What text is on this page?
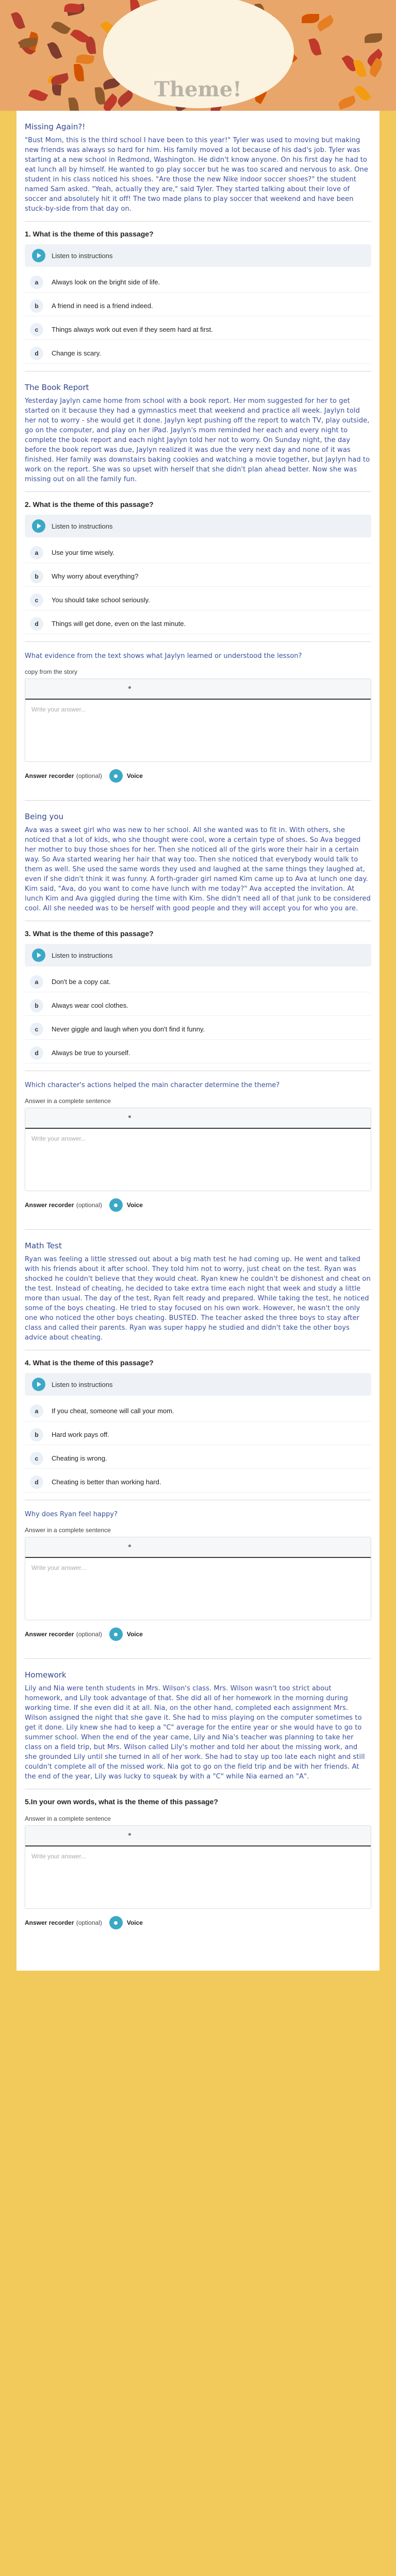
Theme!
Missing Again?!
"Bust Mom, this is the third school I have been to this year!" Tyler was used to moving but making new friends was always so hard for him. His family moved a lot because of his dad's job. Tyler was starting at a new school in Redmond, Washington. He didn't know anyone. On his first day he had to eat lunch all by himself. He wanted to go play soccer but he was too scared and nervous to ask. One student in his class noticed his shoes. "Are those the new Nike indoor soccer shoes?" the student named Sam asked. "Yeah, actually they are," said Tyler. They started talking about their love of soccer and absolutely hit it off! The two made plans to play soccer that weekend and have been stuck-by-side from that day on.
1. What is the theme of this passage?
Listen to instructions
a	Always look on the bright side of life.
b	A friend in need is a friend indeed.
c	Things always work out even if they seem hard at first.
d	Change is scary.
The Book Report
Yesterday Jaylyn came home from school with a book report. Her mom suggested for her to get started on it because they had a gymnastics meet that weekend and practice all week. Jaylyn told her not to worry - she would get it done. Jaylyn kept pushing off the report to watch TV, play outside, go on the computer, and play on her iPad. Jaylyn's mom reminded her each and every night to complete the book report and each night Jaylyn told her not to worry. On Sunday night, the day before the book report was due, Jaylyn realized it was due the very next day and none of it was finished. Her family was downstairs baking cookies and watching a movie together, but Jaylyn had to work on the report. She was so upset with herself that she didn't plan ahead better. Now she was missing out on all the family fun.
2. What is the theme of this passage?
Listen to instructions
a	Use your time wisely.
b	Why worry about everything?
c	You should take school seriously.
d	Things will get done, even on the last minute.
What evidence from the text shows what Jaylyn learned or understood the lesson?
copy from the story
Write your answer...
Answer recorder
(optional)	Voice
Being you
Ava was a sweet girl who was new to her school. All she wanted was to fit in. With others, she noticed that a lot of kids, who she thought were cool, wore a certain type of shoes. So Ava begged her mother to buy those shoes for her. Then she noticed all of the girls wore their hair in a certain way. So Ava started wearing her hair that way too. Then she noticed that everybody would talk to them as well. She used the same words they used and laughed at the same things they laughed at, even if she didn't think it was funny. A forth-grader girl named Kim came up to Ava at lunch one day. Kim said, "Ava, do you want to come have lunch with me today?" Ava accepted the invitation. At lunch Kim and Ava giggled during the time with Kim. She didn't need all of that junk to be considered cool. All she needed was to be herself with good people and they will accept you for who you are.
3. What is the theme of this passage?
Listen to instructions
a	Don't be a copy cat.
b	Always wear cool clothes.
c	Never giggle and laugh when you don't find it funny.
d	Always be true to yourself.
Which character's actions helped the main character determine the theme?
Answer in a complete sentence
Write your answer...
Answer recorder
(optional)	Voice
Math Test
Ryan was feeling a little stressed out about a big math test he had coming up. He went and talked with his friends about it after school. They told him not to worry, just cheat on the test. Ryan was shocked he couldn't believe that they would cheat. Ryan knew he couldn't be dishonest and cheat on the test. Instead of cheating, he decided to take extra time each night that week and study a little more than usual. The day of the test, Ryan felt ready and prepared. While taking the test, he noticed some of the boys cheating. He tried to stay focused on his own work. However, he wasn't the only one who noticed the other boys cheating. BUSTED. The teacher asked the three boys to stay after class and called their parents. Ryan was super happy he studied and didn't take the other boys advice about cheating.
4. What is the theme of this passage?
Listen to instructions
a	If you cheat, someone will call your mom.
b	Hard work pays off.
c	Cheating is wrong.
d	Cheating is better than working hard.
Why does Ryan feel happy?
Answer in a complete sentence
Write your answer...
Answer recorder
(optional)	Voice
Homework
Lily and Nia were tenth students in Mrs. Wilson's class. Mrs. Wilson wasn't too strict about homework, and Lily took advantage of that. She did all of her homework in the morning during working time. If she even did it at all. Nia, on the other hand, completed each assignment Mrs. Wilson assigned the night that she gave it. She had to miss playing on the computer sometimes to get it done. Lily knew she had to keep a "C" average for the entire year or she would have to go to summer school. When the end of the year came, Lily and Nia's teacher was planning to take her class on a field trip, but Mrs. Wilson called Lily's mother and told her about the missing work, and she grounded Lily until she turned in all of her work. She had to stay up too late each night and still couldn't complete all of the missed work. Nia got to go on the field trip and be with her friends. At the end of the year, Lily was lucky to squeak by with a "C" while Nia earned an "A".
5.In your own words, what is the theme of this passage?
Answer in a complete sentence
Write your answer...
Answer recorder
(optional)	Voice
